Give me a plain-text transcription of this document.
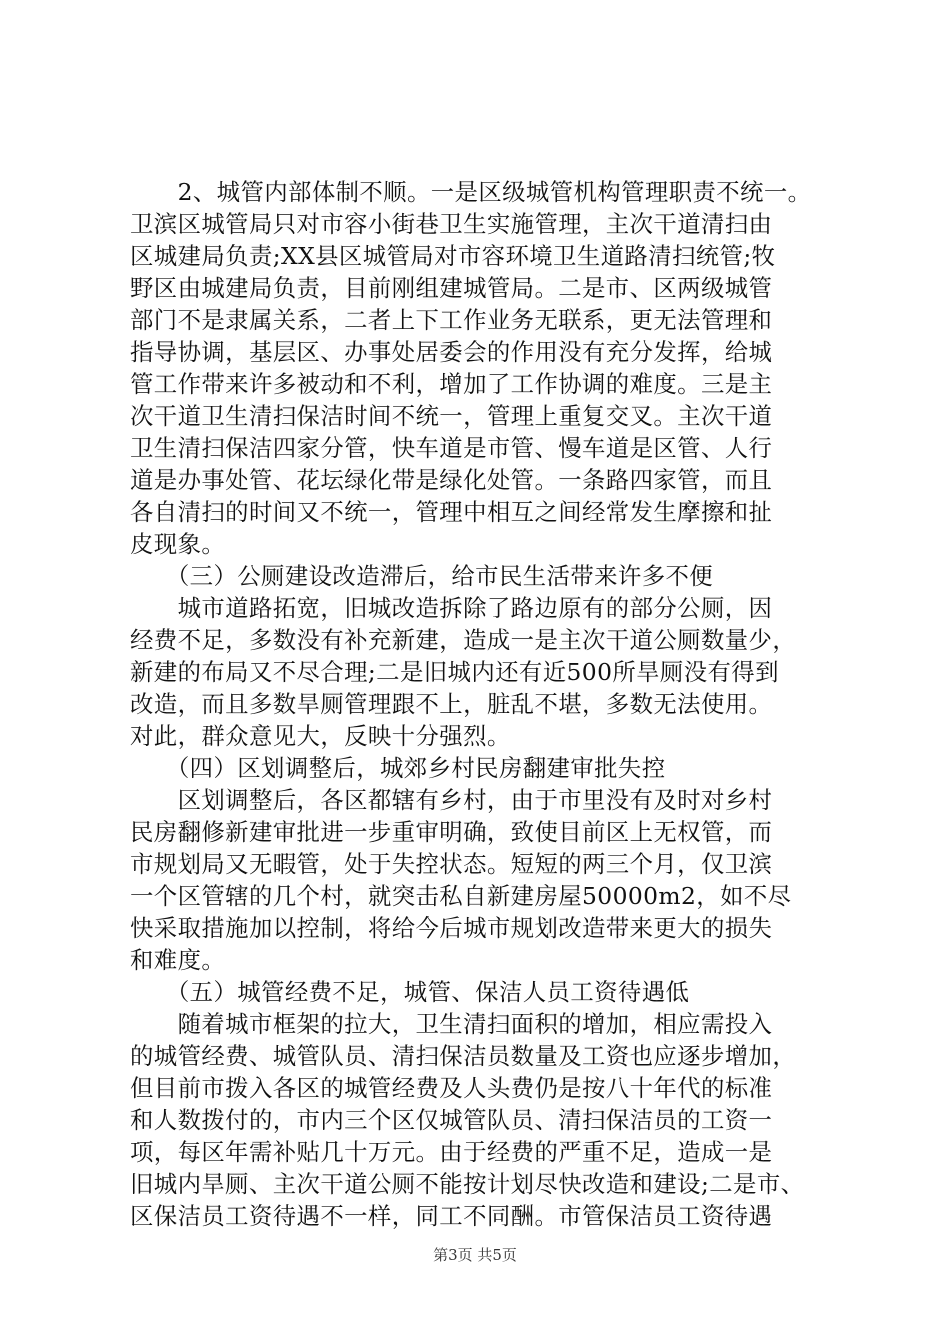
　　2、城管内部体制不顺。一是区级城管机构管理职责不统一。
卫滨区城管局只对市容小街巷卫生实施管理，主次干道清扫由
区城建局负责;XX县区城管局对市容环境卫生道路清扫统管;牧
野区由城建局负责，目前刚组建城管局。二是市、区两级城管
部门不是隶属关系，二者上下工作业务无联系，更无法管理和
指导协调，基层区、办事处居委会的作用没有充分发挥，给城
管工作带来许多被动和不利，增加了工作协调的难度。三是主
次干道卫生清扫保洁时间不统一，管理上重复交叉。主次干道
卫生清扫保洁四家分管，快车道是市管、慢车道是区管、人行
道是办事处管、花坛绿化带是绿化处管。一条路四家管，而且
各自清扫的时间又不统一，管理中相互之间经常发生摩擦和扯
皮现象。
　　（三）公厕建设改造滞后，给市民生活带来许多不便
　　城市道路拓宽，旧城改造拆除了路边原有的部分公厕，因
经费不足，多数没有补充新建，造成一是主次干道公厕数量少，
新建的布局又不尽合理;二是旧城内还有近500所旱厕没有得到
改造，而且多数旱厕管理跟不上，脏乱不堪，多数无法使用。
对此，群众意见大，反映十分强烈。
　　（四）区划调整后，城郊乡村民房翻建审批失控
　　区划调整后，各区都辖有乡村，由于市里没有及时对乡村
民房翻修新建审批进一步重审明确，致使目前区上无权管，而
市规划局又无暇管，处于失控状态。短短的两三个月，仅卫滨
一个区管辖的几个村，就突击私自新建房屋50000m2，如不尽
快采取措施加以控制，将给今后城市规划改造带来更大的损失
和难度。
　　（五）城管经费不足，城管、保洁人员工资待遇低
　　随着城市框架的拉大，卫生清扫面积的增加，相应需投入
的城管经费、城管队员、清扫保洁员数量及工资也应逐步增加，
但目前市拨入各区的城管经费及人头费仍是按八十年代的标准
和人数拨付的，市内三个区仅城管队员、清扫保洁员的工资一
项，每区年需补贴几十万元。由于经费的严重不足，造成一是
旧城内旱厕、主次干道公厕不能按计划尽快改造和建设;二是市、
区保洁员工资待遇不一样，同工不同酬。市管保洁员工资待遇
第3页 共5页
